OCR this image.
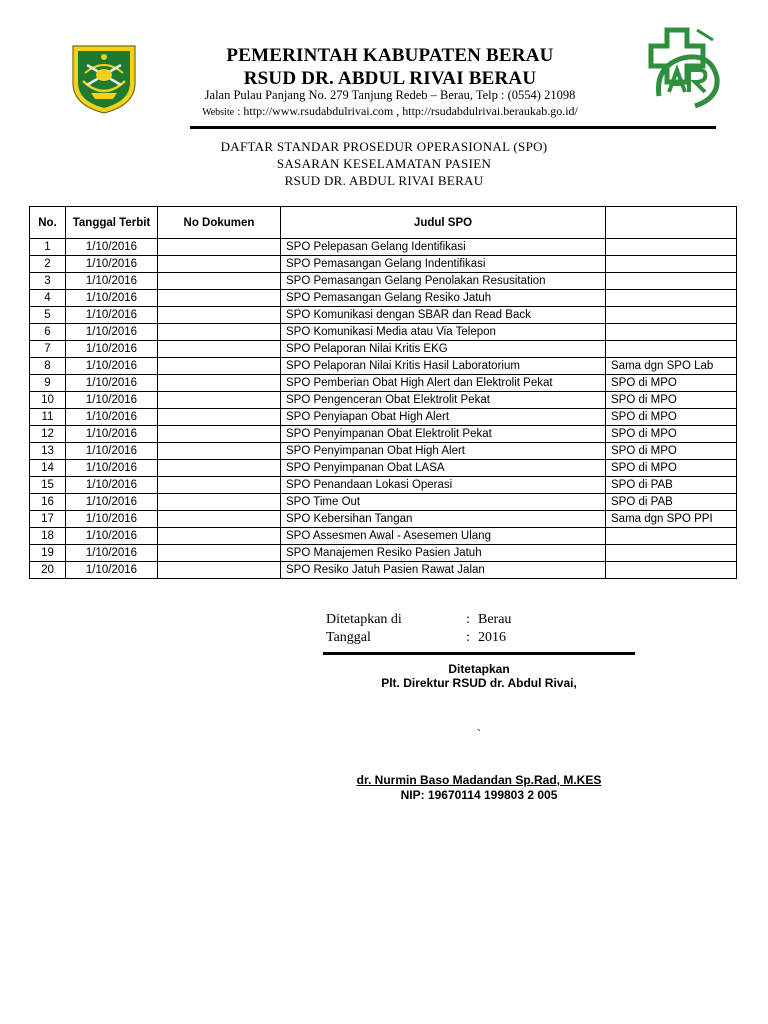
PEMERINTAH KABUPATEN BERAU
RSUD DR. ABDUL RIVAI BERAU
Jalan Pulau Panjang No. 279 Tanjung Redeb – Berau, Telp : (0554) 21098
Website : http://www.rsudabdulrivai.com , http://rsudabdulrivai.beraukab.go.id/
DAFTAR STANDAR PROSEDUR OPERASIONAL (SPO)
SASARAN KESELAMATAN PASIEN
RSUD DR. ABDUL RIVAI BERAU
No.	Tanggal Terbit	No Dokumen	Judul SPO	
1	1/10/2016		SPO Pelepasan Gelang Identifikasi	
2	1/10/2016		SPO Pemasangan Gelang Indentifikasi	
3	1/10/2016		SPO Pemasangan Gelang Penolakan Resusitation	
4	1/10/2016		SPO Pemasangan Gelang Resiko Jatuh	
5	1/10/2016		SPO Komunikasi dengan SBAR dan Read Back	
6	1/10/2016		SPO Komunikasi Media atau Via Telepon	
7	1/10/2016		SPO Pelaporan Nilai Kritis EKG	
8	1/10/2016		SPO Pelaporan Nilai Kritis Hasil Laboratorium	Sama dgn SPO Lab
9	1/10/2016		SPO Pemberian Obat High Alert dan Elektrolit Pekat	SPO di MPO
10	1/10/2016		SPO Pengenceran Obat Elektrolit Pekat	SPO di MPO
11	1/10/2016		SPO Penyiapan Obat High Alert	SPO di MPO
12	1/10/2016		SPO Penyimpanan Obat Elektrolit Pekat	SPO di MPO
13	1/10/2016		SPO Penyimpanan Obat High Alert	SPO di MPO
14	1/10/2016		SPO Penyimpanan Obat LASA	SPO di MPO
15	1/10/2016		SPO Penandaan Lokasi Operasi	SPO di PAB
16	1/10/2016		SPO Time Out	SPO di PAB
17	1/10/2016		SPO Kebersihan Tangan	Sama dgn SPO PPI
18	1/10/2016		SPO Assesmen Awal - Asesemen Ulang	
19	1/10/2016		SPO Manajemen Resiko Pasien Jatuh	
20	1/10/2016		SPO Resiko Jatuh Pasien Rawat Jalan	
Ditetapkan di	: Berau
Tanggal	: 2016
Ditetapkan
Plt. Direktur RSUD dr. Abdul Rivai,
`
dr. Nurmin Baso Madandan Sp.Rad, M.KES
NIP: 19670114 199803 2 005
